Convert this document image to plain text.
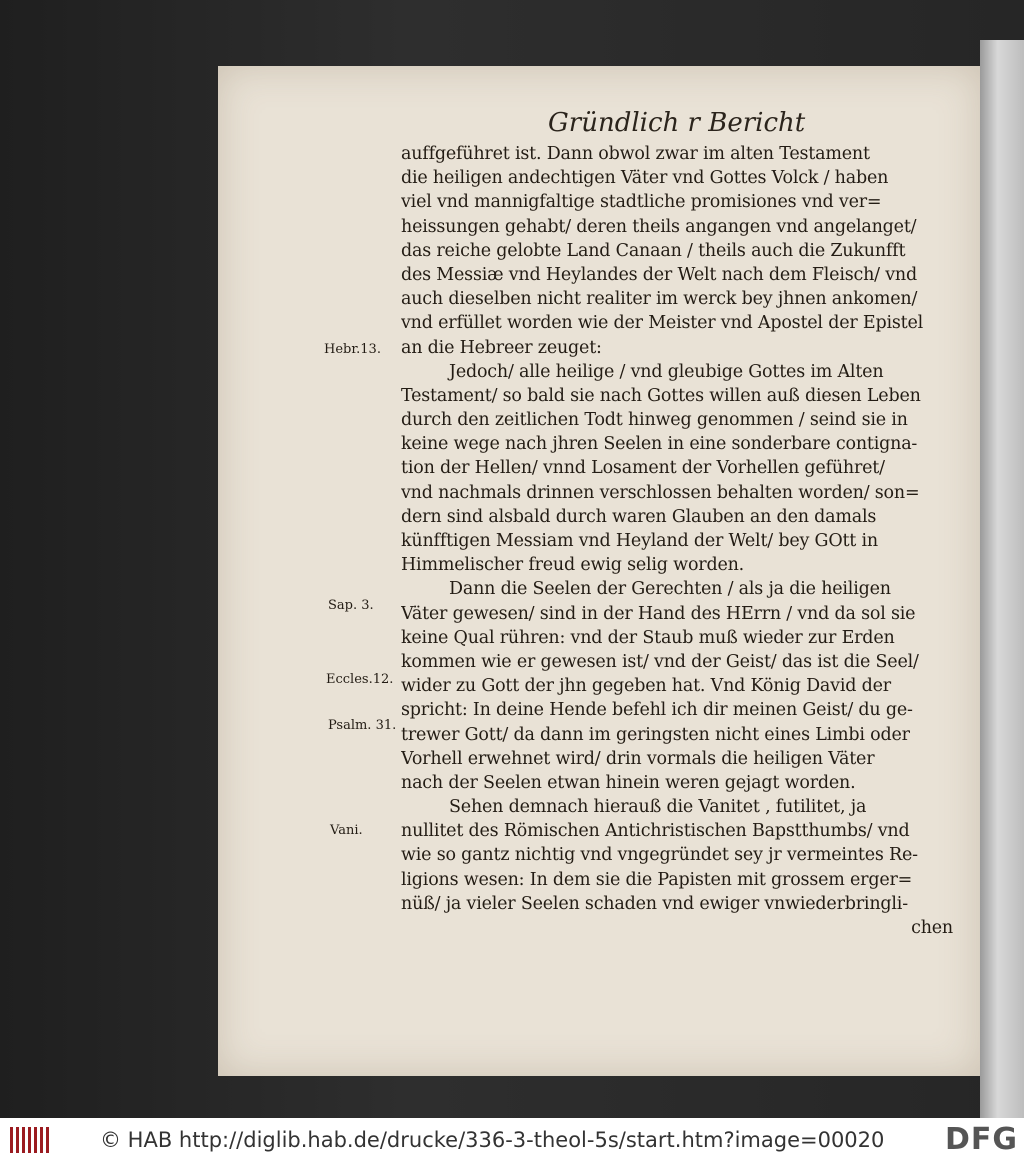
Gründlich r Bericht
Hebr.13.
Sap. 3.
Eccles.12.
Psalm. 31.
Vani.
auffgeführet ist. Dann obwol zwar im alten Testament
die heiligen andechtigen Väter vnd Gottes Volck / haben
viel vnd mannigfaltige stadtliche promisiones vnd ver=
heissungen gehabt/ deren theils angangen vnd angelanget/
das reiche gelobte Land Canaan / theils auch die Zukunfft
des Messiæ vnd Heylandes der Welt nach dem Fleisch/ vnd
auch dieselben nicht realiter im werck bey jhnen ankomen/
vnd erfüllet worden wie der Meister vnd Apostel der Epistel
an die Hebreer zeuget:
Jedoch/ alle heilige / vnd gleubige Gottes im Alten
Testament/ so bald sie nach Gottes willen auß diesen Leben
durch den zeitlichen Todt hinweg genommen / seind sie in
keine wege nach jhren Seelen in eine sonderbare contigna-
tion der Hellen/ vnnd Losament der Vorhellen geführet/
vnd nachmals drinnen verschlossen behalten worden/ son=
dern sind alsbald durch waren Glauben an den damals
künfftigen Messiam vnd Heyland der Welt/ bey GOtt in
Himmelischer freud ewig selig worden.
Dann die Seelen der Gerechten / als ja die heiligen
Väter gewesen/ sind in der Hand des HErrn / vnd da sol sie
keine Qual rühren: vnd der Staub muß wieder zur Erden
kommen wie er gewesen ist/ vnd der Geist/ das ist die Seel/
wider zu Gott der jhn gegeben hat. Vnd König David der
spricht: In deine Hende befehl ich dir meinen Geist/ du ge-
trewer Gott/ da dann im geringsten nicht eines Limbi oder
Vorhell erwehnet wird/ drin vormals die heiligen Väter
nach der Seelen etwan hinein weren gejagt worden.
Sehen demnach hierauß die Vanitet , futilitet, ja
nullitet des Römischen Antichristischen Bapstthumbs/ vnd
wie so gantz nichtig vnd vngegründet sey jr vermeintes Re-
ligions wesen: In dem sie die Papisten mit grossem erger=
nüß/ ja vieler Seelen schaden vnd ewiger vnwiederbringli-
chen
© HAB http://diglib.hab.de/drucke/336-3-theol-5s/start.htm?image=00020 DFG
